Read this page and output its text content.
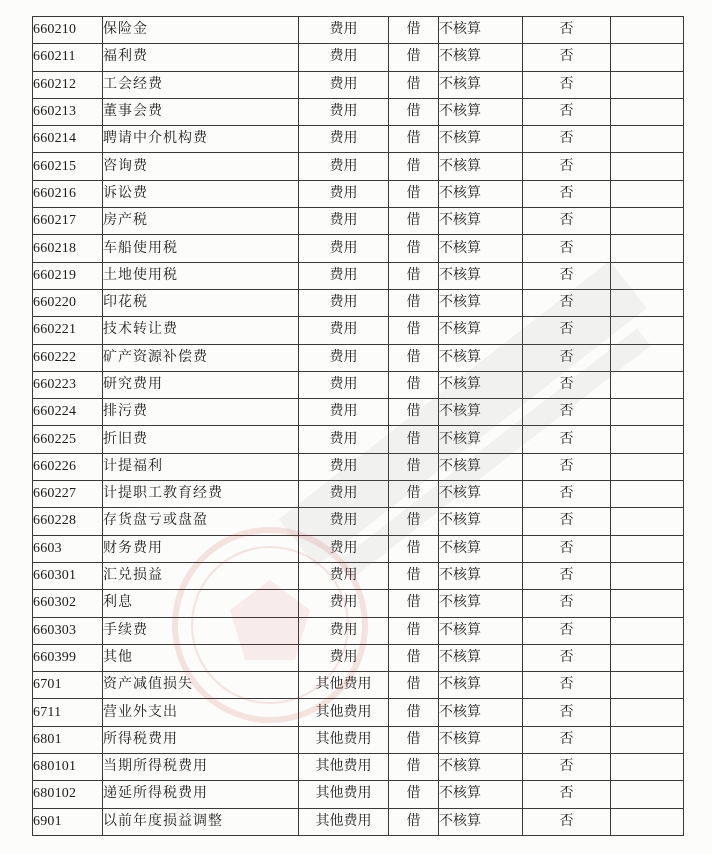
660210	保险金	费用	借	不核算	否	
660211	福利费	费用	借	不核算	否	
660212	工会经费	费用	借	不核算	否	
660213	董事会费	费用	借	不核算	否	
660214	聘请中介机构费	费用	借	不核算	否	
660215	咨询费	费用	借	不核算	否	
660216	诉讼费	费用	借	不核算	否	
660217	房产税	费用	借	不核算	否	
660218	车船使用税	费用	借	不核算	否	
660219	土地使用税	费用	借	不核算	否	
660220	印花税	费用	借	不核算	否	
660221	技术转让费	费用	借	不核算	否	
660222	矿产资源补偿费	费用	借	不核算	否	
660223	研究费用	费用	借	不核算	否	
660224	排污费	费用	借	不核算	否	
660225	折旧费	费用	借	不核算	否	
660226	计提福利	费用	借	不核算	否	
660227	计提职工教育经费	费用	借	不核算	否	
660228	存货盘亏或盘盈	费用	借	不核算	否	
6603	财务费用	费用	借	不核算	否	
660301	汇兑损益	费用	借	不核算	否	
660302	利息	费用	借	不核算	否	
660303	手续费	费用	借	不核算	否	
660399	其他	费用	借	不核算	否	
6701	资产减值损失	其他费用	借	不核算	否	
6711	营业外支出	其他费用	借	不核算	否	
6801	所得税费用	其他费用	借	不核算	否	
680101	当期所得税费用	其他费用	借	不核算	否	
680102	递延所得税费用	其他费用	借	不核算	否	
6901	以前年度损益调整	其他费用	借	不核算	否	
